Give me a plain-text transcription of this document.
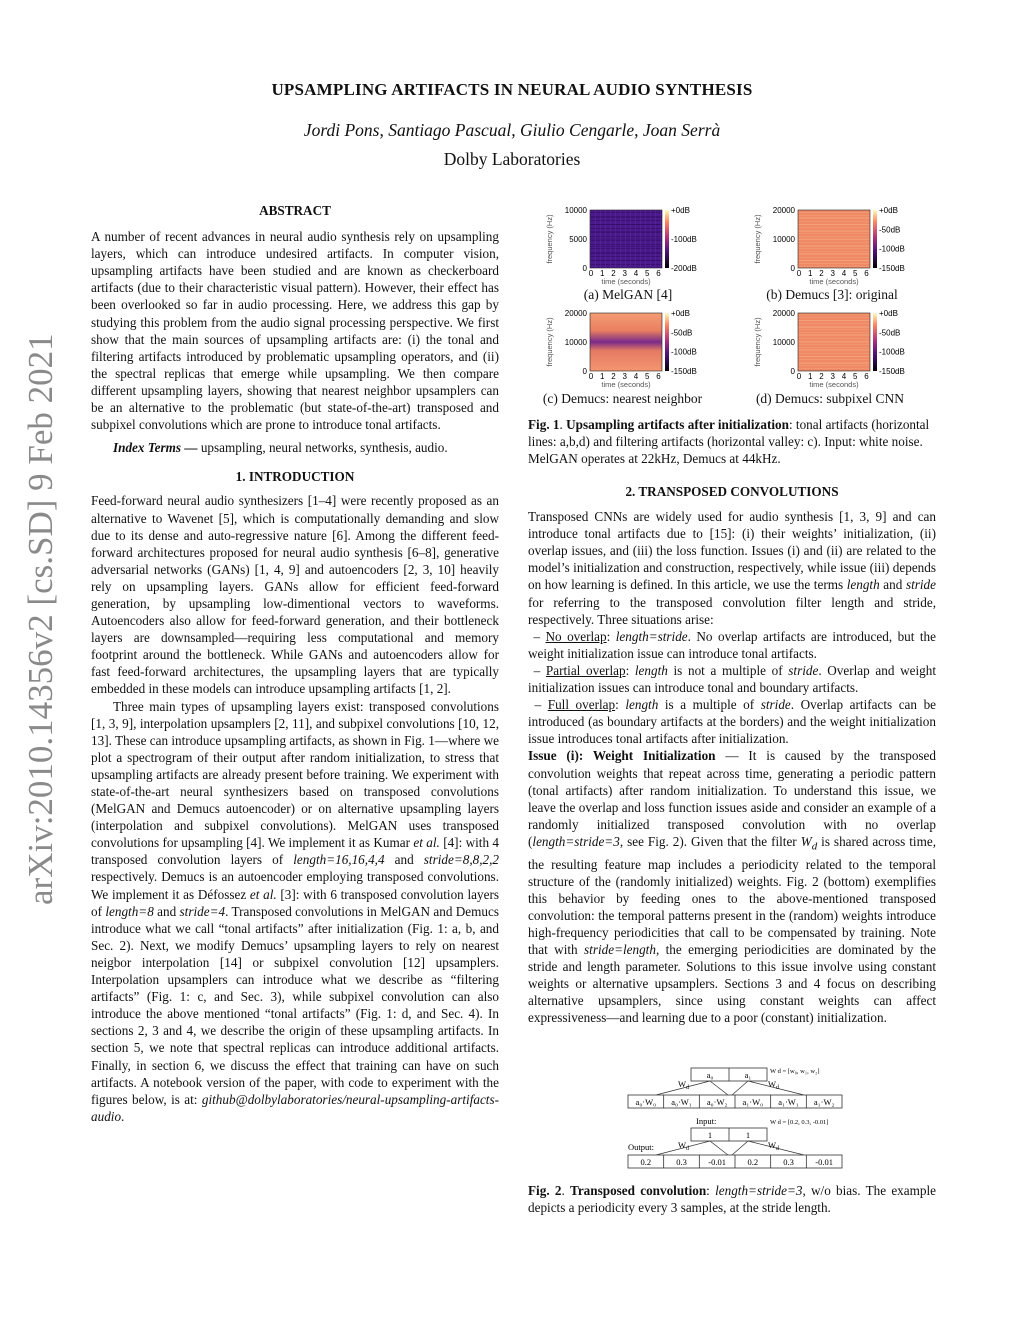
arXiv:2010.14356v2 [cs.SD] 9 Feb 2021
UPSAMPLING ARTIFACTS IN NEURAL AUDIO SYNTHESIS
Jordi Pons, Santiago Pascual, Giulio Cengarle, Joan Serrà
Dolby Laboratories

ABSTRACT

A number of recent advances in neural audio synthesis rely on upsampling layers, which can introduce undesired artifacts. In computer vision, upsampling artifacts have been studied and are known as checkerboard artifacts (due to their characteristic visual pattern). However, their effect has been overlooked so far in audio processing. Here, we address this gap by studying this problem from the audio signal processing perspective. We first show that the main sources of upsampling artifacts are: (i) the tonal and filtering artifacts introduced by problematic upsampling operators, and (ii) the spectral replicas that emerge while upsampling. We then compare different upsampling layers, showing that nearest neighbor upsamplers can be an alternative to the problematic (but state-of-the-art) transposed and subpixel convolutions which are prone to introduce tonal artifacts.

Index Terms — upsampling, neural networks, synthesis, audio.

1. INTRODUCTION

Feed-forward neural audio synthesizers [1–4] were recently proposed as an alternative to Wavenet [5], which is computationally demanding and slow due to its dense and auto-regressive nature [6]. Among the different feed-forward architectures proposed for neural audio synthesis [6–8], generative adversarial networks (GANs) [1, 4, 9] and autoencoders [2, 3, 10] heavily rely on upsampling layers. GANs allow for efficient feed-forward generation, by upsampling low-dimentional vectors to waveforms. Autoencoders also allow for feed-forward generation, and their bottleneck layers are downsampled—requiring less computational and memory footprint around the bottleneck. While GANs and autoencoders allow for fast feed-forward architectures, the upsampling layers that are typically embedded in these models can introduce upsampling artifacts [1, 2].

Three main types of upsampling layers exist: transposed convolutions [1, 3, 9], interpolation upsamplers [2, 11], and subpixel convolutions [10, 12, 13]. These can introduce upsampling artifacts, as shown in Fig. 1—where we plot a spectrogram of their output after random initialization, to stress that upsampling artifacts are already present before training. We experiment with state-of-the-art neural synthesizers based on transposed convolutions (MelGAN and Demucs autoencoder) or on alternative upsampling layers (interpolation and subpixel convolutions). MelGAN uses transposed convolutions for upsampling [4]. We implement it as Kumar et al. [4]: with 4 transposed convolution layers of length=16,16,4,4 and stride=8,8,2,2 respectively. Demucs is an autoencoder employing transposed convolutions. We implement it as Défossez et al. [3]: with 6 transposed convolution layers of length=8 and stride=4. Transposed convolutions in MelGAN and Demucs introduce what we call “tonal artifacts” after initialization (Fig. 1: a, b, and Sec. 2). Next, we modify Demucs’ upsampling layers to rely on nearest neigbor interpolation [14] or subpixel convolution [12] upsamplers. Interpolation upsamplers can introduce what we describe as “filtering artifacts” (Fig. 1: c, and Sec. 3), while subpixel convolution can also introduce the above mentioned “tonal artifacts” (Fig. 1: d, and Sec. 4). In sections 2, 3 and 4, we describe the origin of these upsampling artifacts. In section 5, we note that spectral replicas can introduce additional artifacts. Finally, in section 6, we discuss the effect that training can have on such artifacts. A notebook version of the paper, with code to experiment with the figures below, is at: github@dolbylaboratories/neural-upsampling-artifacts-audio.

10000
5000
0
frequency (Hz)
0 1 2 3 4 5 6
time (seconds)
+0dB
-100dB
-200dB
20000
10000
0
frequency (Hz)
0 1 2 3 4 5 6
time (seconds)
+0dB
-50dB
-100dB
-150dB
20000
10000
0
frequency (Hz)
0 1 2 3 4 5 6
time (seconds)
+0dB
-50dB
-100dB
-150dB
20000
10000
0
frequency (Hz)
0 1 2 3 4 5 6
time (seconds)
+0dB
-50dB
-100dB
-150dB
(a) MelGAN [4]	(b) Demucs [3]: original
(c) Demucs: nearest neighbor	(d) Demucs: subpixel CNN
Fig. 1. Upsampling artifacts after initialization: tonal artifacts (horizontal lines: a,b,d) and filtering artifacts (horizontal valley: c). Input: white noise. MelGAN operates at 22kHz, Demucs at 44kHz.

2. TRANSPOSED CONVOLUTIONS

Transposed CNNs are widely used for audio synthesis [1, 3, 9] and can introduce tonal artifacts due to [15]: (i) their weights’ initialization, (ii) overlap issues, and (iii) the loss function. Issues (i) and (ii) are related to the model’s initialization and construction, respectively, while issue (iii) depends on how learning is defined. In this article, we use the terms length and stride for referring to the transposed convolution filter length and stride, respectively. Three situations arise:

– No overlap: length=stride. No overlap artifacts are introduced, but the weight initialization issue can introduce tonal artifacts.

– Partial overlap: length is not a multiple of stride. Overlap and weight initialization issues can introduce tonal and boundary artifacts.

– Full overlap: length is a multiple of stride. Overlap artifacts can be introduced (as boundary artifacts at the borders) and the weight initialization issue introduces tonal artifacts after initialization.

Issue (i): Weight Initialization — It is caused by the transposed convolution weights that repeat across time, generating a periodic pattern (tonal artifacts) after random initialization. To understand this issue, we leave the overlap and loss function issues aside and consider an example of a randomly initialized transposed convolution with no overlap (length=stride=3, see Fig. 2). Given that the filter $W_d$ is shared across time, the resulting feature map includes a periodicity related to the temporal structure of the (randomly initialized) weights. Fig. 2 (bottom) exemplifies this behavior by feeding ones to the above-mentioned transposed convolution: the temporal patterns present in the (random) weights introduce high-frequency periodicities that call to be compensated by training. Note that with stride=length, the emerging periodicities are dominated by the stride and length parameter. Solutions to this issue involve using constant weights or alternative upsamplers. Sections 3 and 4 focus on describing alternative upsamplers, since using constant weights can affect expressiveness—and learning due to a poor (constant) initialization.

a₀	a₁	W d = [w₀, w₁, w₂]
$W_d$	$W_d$
a₀·W₀ a₀·W₁ a₀·W₂ a₁·W₀ a₁·W₁ a₁·W₂
Input:
1	1
W d = [0.2, 0.3, -0.01]
$W_d$	$W_d$
Output:
0.2	0.3	-0.01	0.2	0.3	-0.01
Fig. 2. Transposed convolution: length=stride=3, w/o bias. The example depicts a periodicity every 3 samples, at the stride length.
